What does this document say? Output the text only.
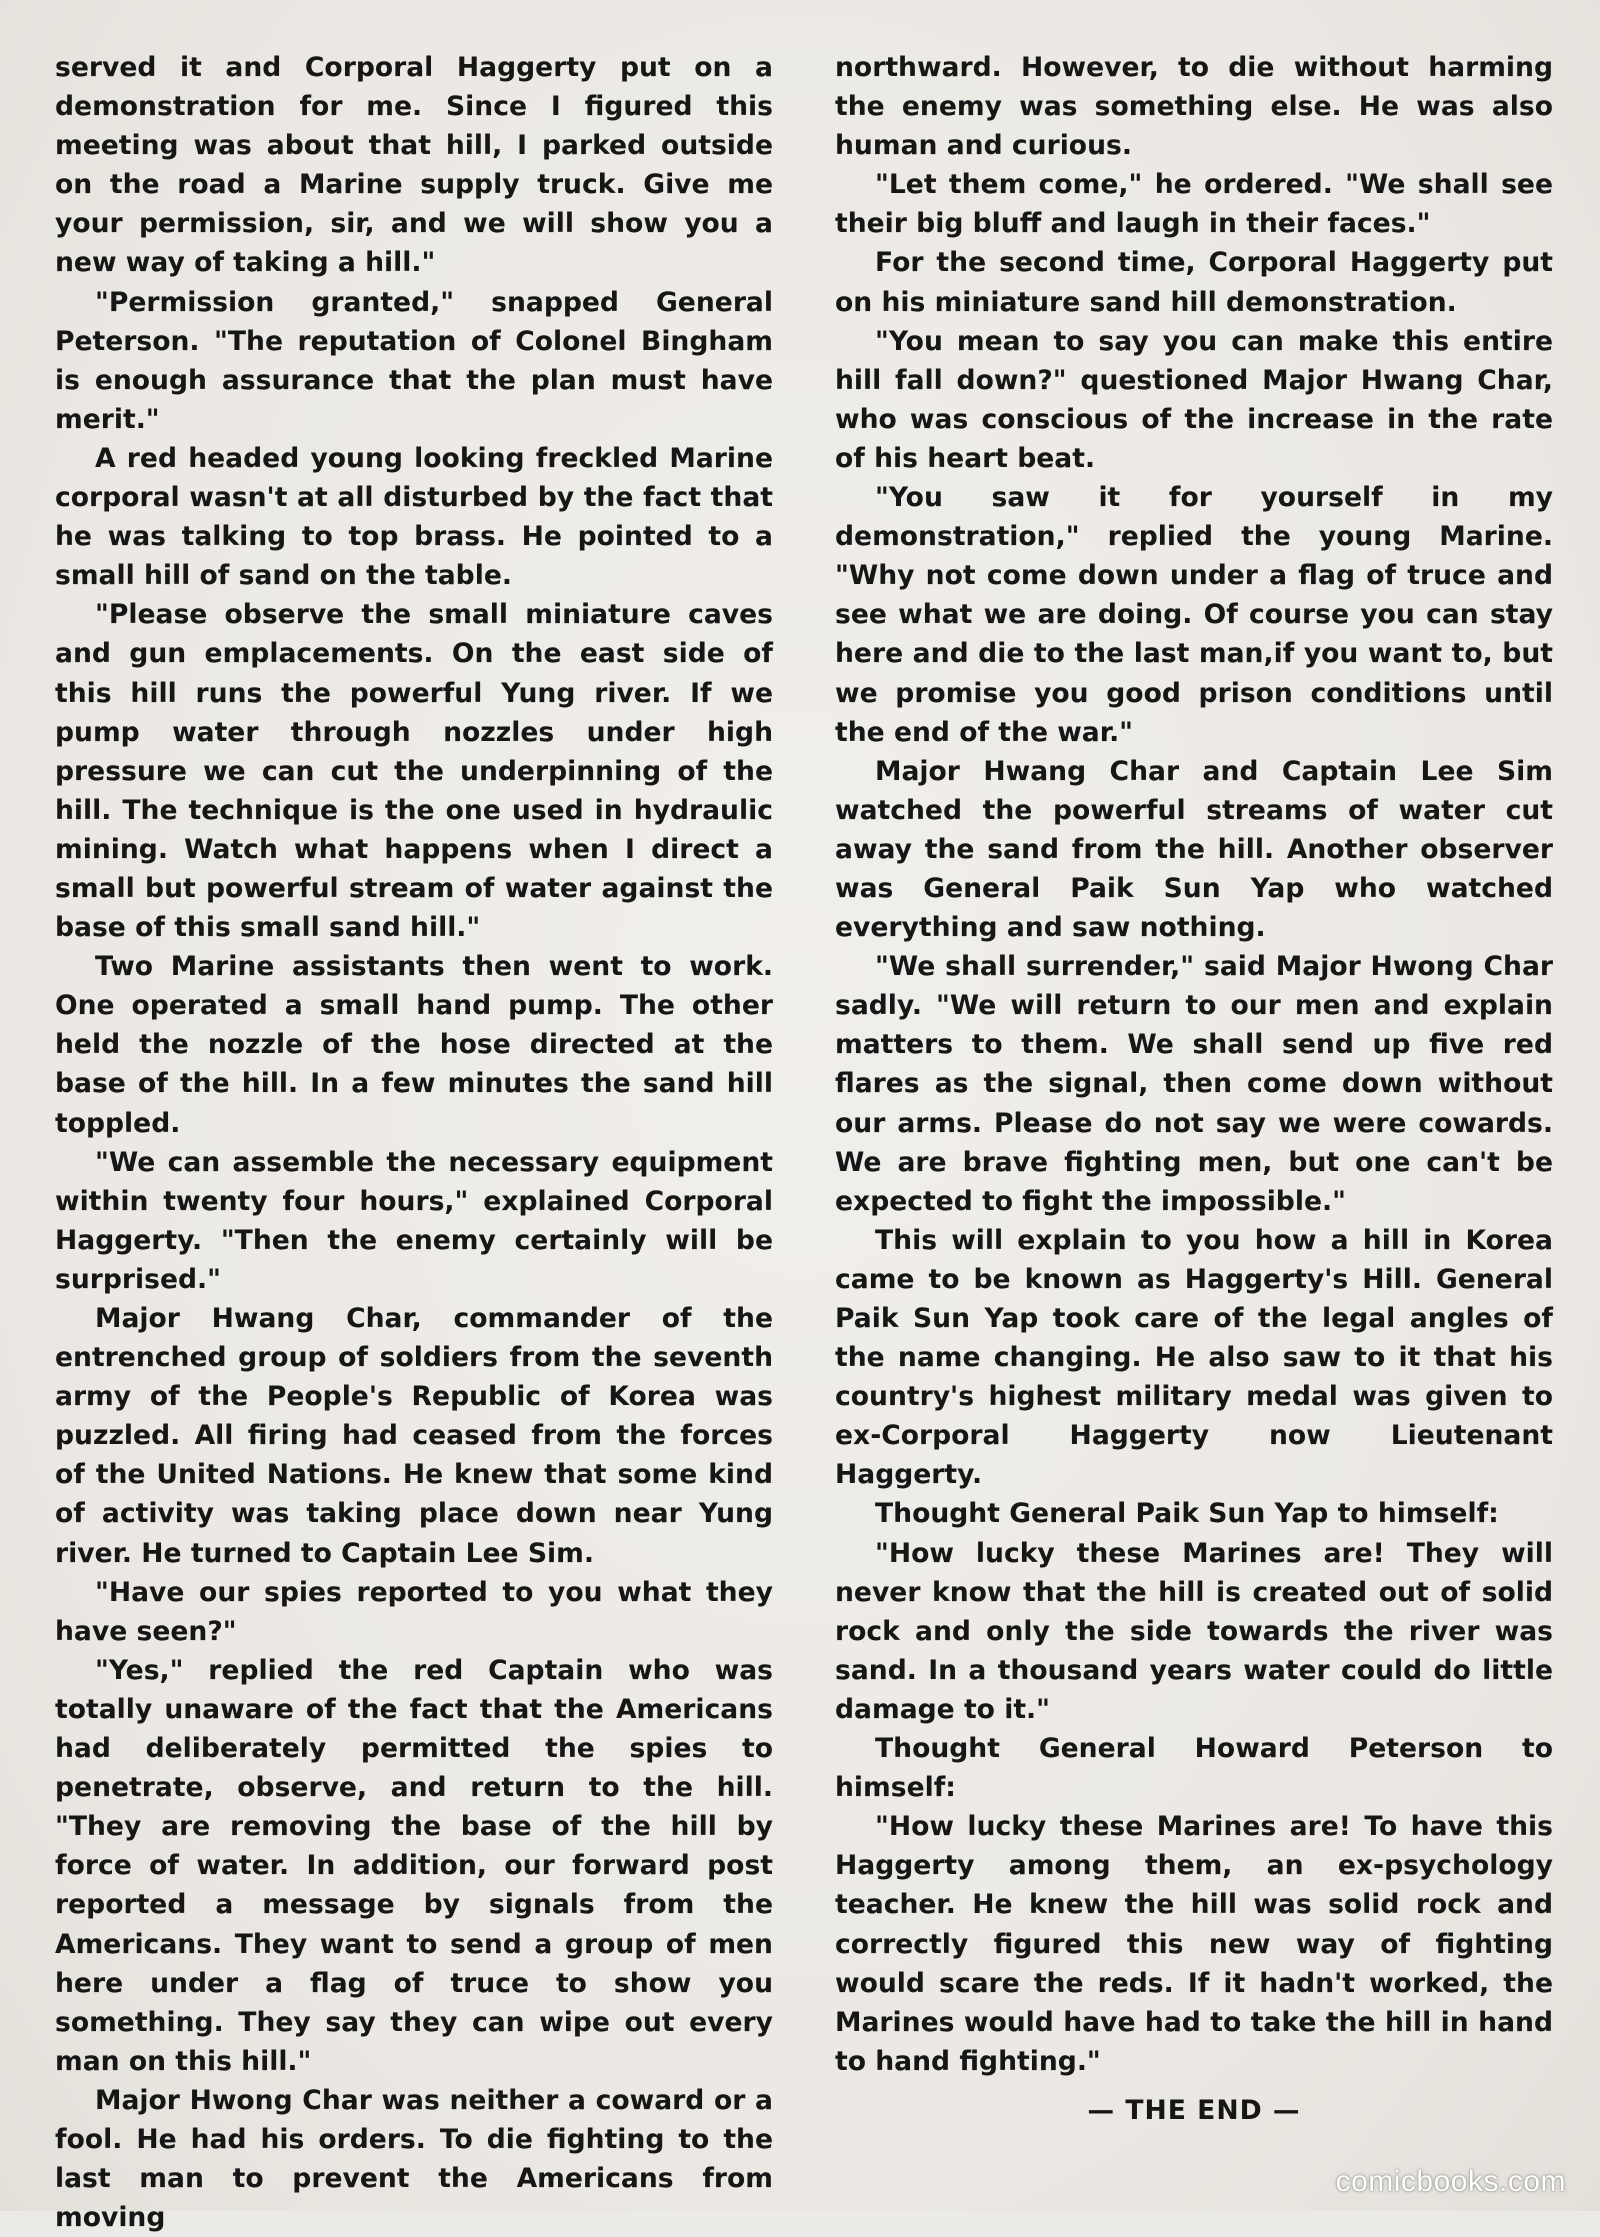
served it and Corporal Haggerty put on a demonstration for me. Since I figured this meeting was about that hill, I parked outside on the road a Marine supply truck. Give me your permission, sir, and we will show you a new way of taking a hill."

"Permission granted," snapped General Peterson. "The reputation of Colonel Bingham is enough assurance that the plan must have merit."

A red headed young looking freckled Marine corporal wasn't at all disturbed by the fact that he was talking to top brass. He pointed to a small hill of sand on the table.

"Please observe the small miniature caves and gun emplacements. On the east side of this hill runs the powerful Yung river. If we pump water through nozzles under high pressure we can cut the underpinning of the hill. The technique is the one used in hydraulic mining. Watch what happens when I direct a small but powerful stream of water against the base of this small sand hill."

Two Marine assistants then went to work. One operated a small hand pump. The other held the nozzle of the hose directed at the base of the hill. In a few minutes the sand hill toppled.

"We can assemble the necessary equipment within twenty four hours," explained Corporal Haggerty. "Then the enemy certainly will be surprised."

Major Hwang Char, commander of the entrenched group of soldiers from the seventh army of the People's Republic of Korea was puzzled. All firing had ceased from the forces of the United Nations. He knew that some kind of activity was taking place down near Yung river. He turned to Captain Lee Sim.

"Have our spies reported to you what they have seen?"

"Yes," replied the red Captain who was totally unaware of the fact that the Americans had deliberately permitted the spies to penetrate, observe, and return to the hill. "They are removing the base of the hill by force of water. In addition, our forward post reported a message by signals from the Americans. They want to send a group of men here under a flag of truce to show you something. They say they can wipe out every man on this hill."

Major Hwong Char was neither a coward or a fool. He had his orders. To die fighting to the last man to prevent the Americans from moving

northward. However, to die without harming the enemy was something else. He was also human and curious.

"Let them come," he ordered. "We shall see their big bluff and laugh in their faces."

For the second time, Corporal Haggerty put on his miniature sand hill demonstration.

"You mean to say you can make this entire hill fall down?" questioned Major Hwang Char, who was conscious of the increase in the rate of his heart beat.

"You saw it for yourself in my demonstration," replied the young Marine. "Why not come down under a flag of truce and see what we are doing. Of course you can stay here and die to the last man,if you want to, but we promise you good prison conditions until the end of the war."

Major Hwang Char and Captain Lee Sim watched the powerful streams of water cut away the sand from the hill. Another observer was General Paik Sun Yap who watched everything and saw nothing.

"We shall surrender," said Major Hwong Char sadly. "We will return to our men and explain matters to them. We shall send up five red flares as the signal, then come down without our arms. Please do not say we were cowards. We are brave fighting men, but one can't be expected to fight the impossible."

This will explain to you how a hill in Korea came to be known as Haggerty's Hill. General Paik Sun Yap took care of the legal angles of the name changing. He also saw to it that his country's highest military medal was given to ex-Corporal Haggerty now Lieutenant Haggerty.

Thought General Paik Sun Yap to himself:

"How lucky these Marines are! They will never know that the hill is created out of solid rock and only the side towards the river was sand. In a thousand years water could do little damage to it."

Thought General Howard Peterson to himself:

"How lucky these Marines are! To have this Haggerty among them, an ex-psychology teacher. He knew the hill was solid rock and correctly figured this new way of fighting would scare the reds. If it hadn't worked, the Marines would have had to take the hill in hand to hand fighting."

— THE END —

comicbooks.com
